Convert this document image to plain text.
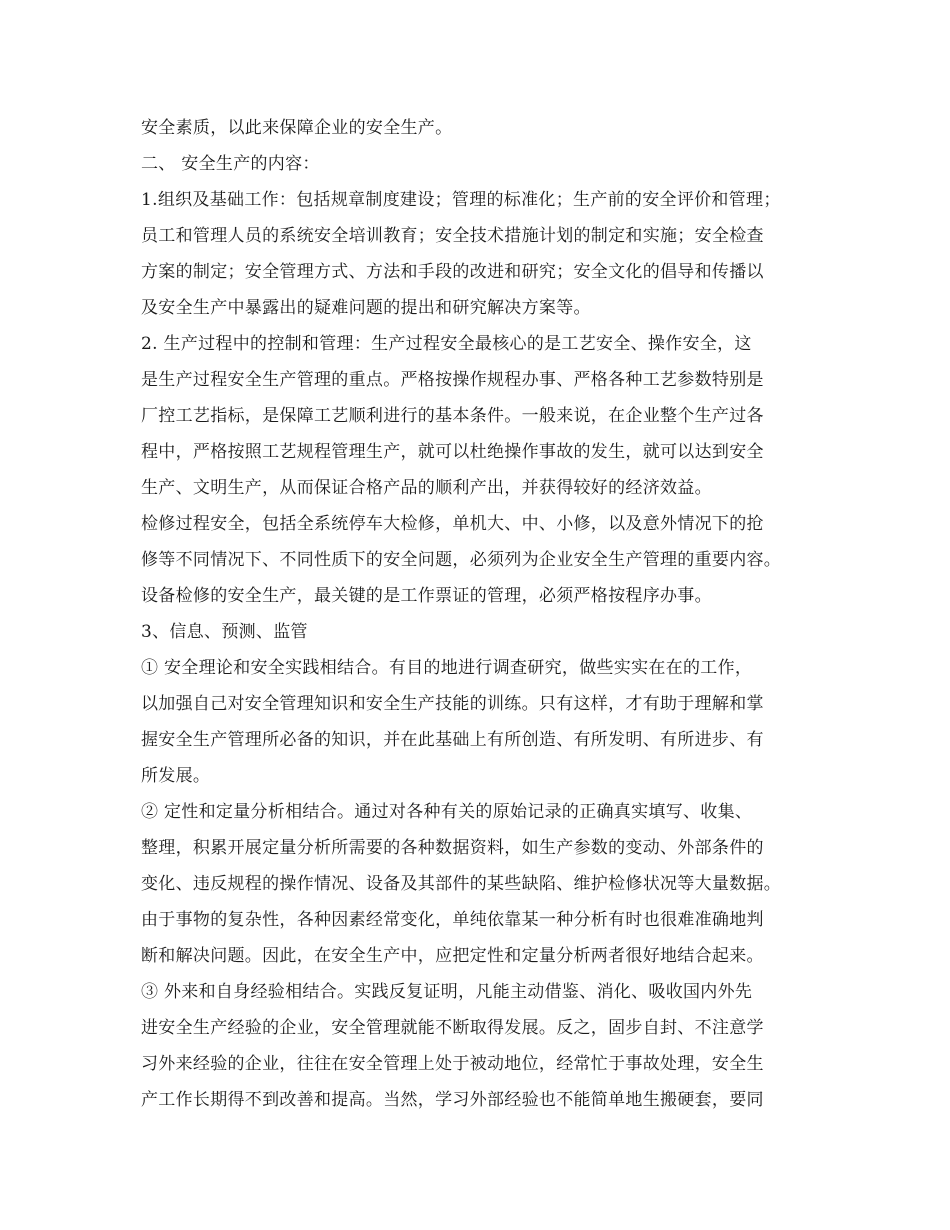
安全素质，以此来保障企业的安全生产。
二、 安全生产的内容：
1.组织及基础工作：包括规章制度建设；管理的标准化；生产前的安全评价和管理；
员工和管理人员的系统安全培训教育；安全技术措施计划的制定和实施；安全检查
方案的制定；安全管理方式、方法和手段的改进和研究；安全文化的倡导和传播以
及安全生产中暴露出的疑难问题的提出和研究解决方案等。
2. 生产过程中的控制和管理：生产过程安全最核心的是工艺安全、操作安全，这
是生产过程安全生产管理的重点。严格按操作规程办事、严格各种工艺参数特别是
厂控工艺指标，是保障工艺顺利进行的基本条件。一般来说，在企业整个生产过各
程中，严格按照工艺规程管理生产，就可以杜绝操作事故的发生，就可以达到安全
生产、文明生产，从而保证合格产品的顺利产出，并获得较好的经济效益。
检修过程安全，包括全系统停车大检修，单机大、中、小修，以及意外情况下的抢
修等不同情况下、不同性质下的安全问题，必须列为企业安全生产管理的重要内容。
设备检修的安全生产，最关键的是工作票证的管理，必须严格按程序办事。
3、信息、预测、监管
① 安全理论和安全实践相结合。有目的地进行调查研究，做些实实在在的工作，
以加强自己对安全管理知识和安全生产技能的训练。只有这样，才有助于理解和掌
握安全生产管理所必备的知识，并在此基础上有所创造、有所发明、有所进步、有
所发展。
② 定性和定量分析相结合。通过对各种有关的原始记录的正确真实填写、收集、
整理，积累开展定量分析所需要的各种数据资料，如生产参数的变动、外部条件的
变化、违反规程的操作情况、设备及其部件的某些缺陷、维护检修状况等大量数据。
由于事物的复杂性，各种因素经常变化，单纯依靠某一种分析有时也很难准确地判
断和解决问题。因此，在安全生产中，应把定性和定量分析两者很好地结合起来。
③ 外来和自身经验相结合。实践反复证明，凡能主动借鉴、消化、吸收国内外先
进安全生产经验的企业，安全管理就能不断取得发展。反之，固步自封、不注意学
习外来经验的企业，往往在安全管理上处于被动地位，经常忙于事故处理，安全生
产工作长期得不到改善和提高。当然，学习外部经验也不能简单地生搬硬套，要同
